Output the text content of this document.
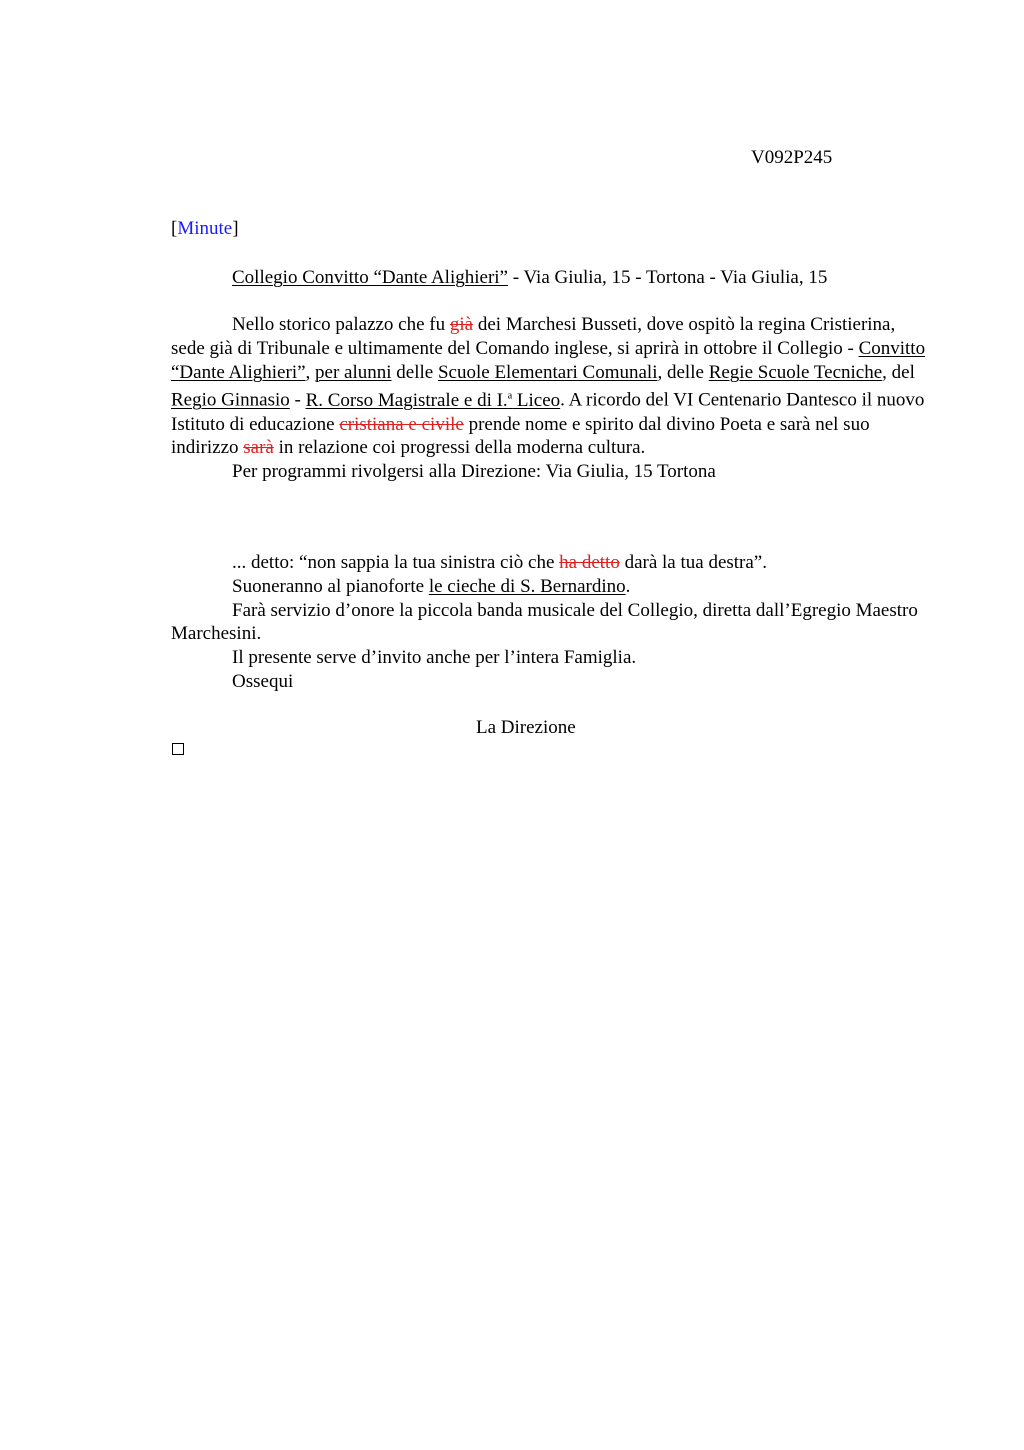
V092P245
[Minute]

Collegio Convitto “Dante Alighieri” - Via Giulia, 15 - Tortona - Via Giulia, 15

Nello storico palazzo che fu già dei Marchesi Busseti, dove ospitò la regina Cristierina, sede già di Tribunale e ultimamente del Comando inglese, si aprirà in ottobre il Collegio - Convitto “Dante Alighieri”, per alunni delle Scuole Elementari Comunali, delle Regie Scuole Tecniche, del Regio Ginnasio - R. Corso Magistrale e di I.$^a$ Liceo. A ricordo del VI Centenario Dantesco il nuovo Istituto di educazione cristiana e civile prende nome e spirito dal divino Poeta e sarà nel suo indirizzo sarà in relazione coi progressi della moderna cultura.

Per programmi rivolgersi alla Direzione: Via Giulia, 15 Tortona

... detto: “non sappia la tua sinistra ciò che ha detto darà la tua destra”.

Suoneranno al pianoforte le cieche di S. Bernardino.

Farà servizio d’onore la piccola banda musicale del Collegio, diretta dall’Egregio Maestro Marchesini.

Il presente serve d’invito anche per l’intera Famiglia.

Ossequi

La Direzione
